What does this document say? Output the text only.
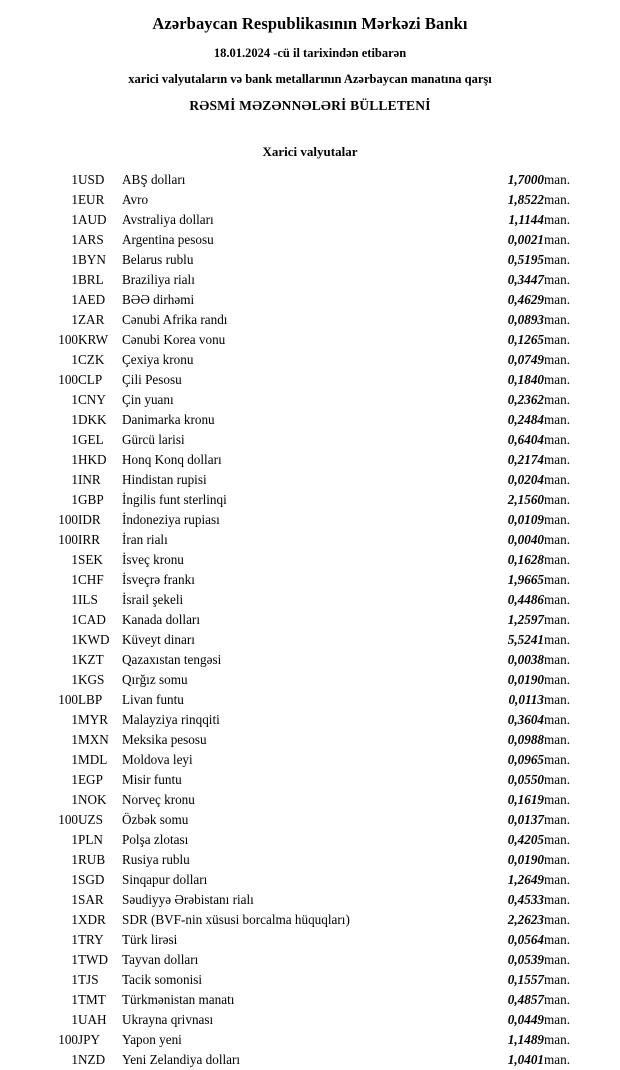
Azərbaycan Respublikasının Mərkəzi Bankı
18.01.2024 -cü il tarixindən etibarən
xarici valyutaların və bank metallarının Azərbaycan manatına qarşı
RƏSMİ MƏZƏNNƏLƏRİ BÜLLETENİ
Xarici valyutalar
1	USD	ABŞ dolları	1,7000	man.
1	EUR	Avro	1,8522	man.
1	AUD	Avstraliya dolları	1,1144	man.
1	ARS	Argentina pesosu	0,0021	man.
1	BYN	Belarus rublu	0,5195	man.
1	BRL	Braziliya rialı	0,3447	man.
1	AED	BƏƏ dirhəmi	0,4629	man.
1	ZAR	Cənubi Afrika randı	0,0893	man.
100	KRW	Cənubi Korea vonu	0,1265	man.
1	CZK	Çexiya kronu	0,0749	man.
100	CLP	Çili Pesosu	0,1840	man.
1	CNY	Çin yuanı	0,2362	man.
1	DKK	Danimarka kronu	0,2484	man.
1	GEL	Gürcü larisi	0,6404	man.
1	HKD	Honq Konq dolları	0,2174	man.
1	INR	Hindistan rupisi	0,0204	man.
1	GBP	İngilis funt sterlinqi	2,1560	man.
100	IDR	İndoneziya rupiası	0,0109	man.
100	IRR	İran rialı	0,0040	man.
1	SEK	İsveç kronu	0,1628	man.
1	CHF	İsveçrə frankı	1,9665	man.
1	ILS	İsrail şekeli	0,4486	man.
1	CAD	Kanada dolları	1,2597	man.
1	KWD	Küveyt dinarı	5,5241	man.
1	KZT	Qazaxıstan tengəsi	0,0038	man.
1	KGS	Qırğız somu	0,0190	man.
100	LBP	Livan funtu	0,0113	man.
1	MYR	Malayziya rinqqiti	0,3604	man.
1	MXN	Meksika pesosu	0,0988	man.
1	MDL	Moldova leyi	0,0965	man.
1	EGP	Misir funtu	0,0550	man.
1	NOK	Norveç kronu	0,1619	man.
100	UZS	Özbək somu	0,0137	man.
1	PLN	Polşa zlotası	0,4205	man.
1	RUB	Rusiya rublu	0,0190	man.
1	SGD	Sinqapur dolları	1,2649	man.
1	SAR	Səudiyyə Ərəbistanı rialı	0,4533	man.
1	XDR	SDR (BVF-nin xüsusi borcalma hüquqları)	2,2623	man.
1	TRY	Türk lirəsi	0,0564	man.
1	TWD	Tayvan dolları	0,0539	man.
1	TJS	Tacik somonisi	0,1557	man.
1	TMT	Türkmənistan manatı	0,4857	man.
1	UAH	Ukrayna qrivnası	0,0449	man.
100	JPY	Yapon yeni	1,1489	man.
1	NZD	Yeni Zelandiya dolları	1,0401	man.
